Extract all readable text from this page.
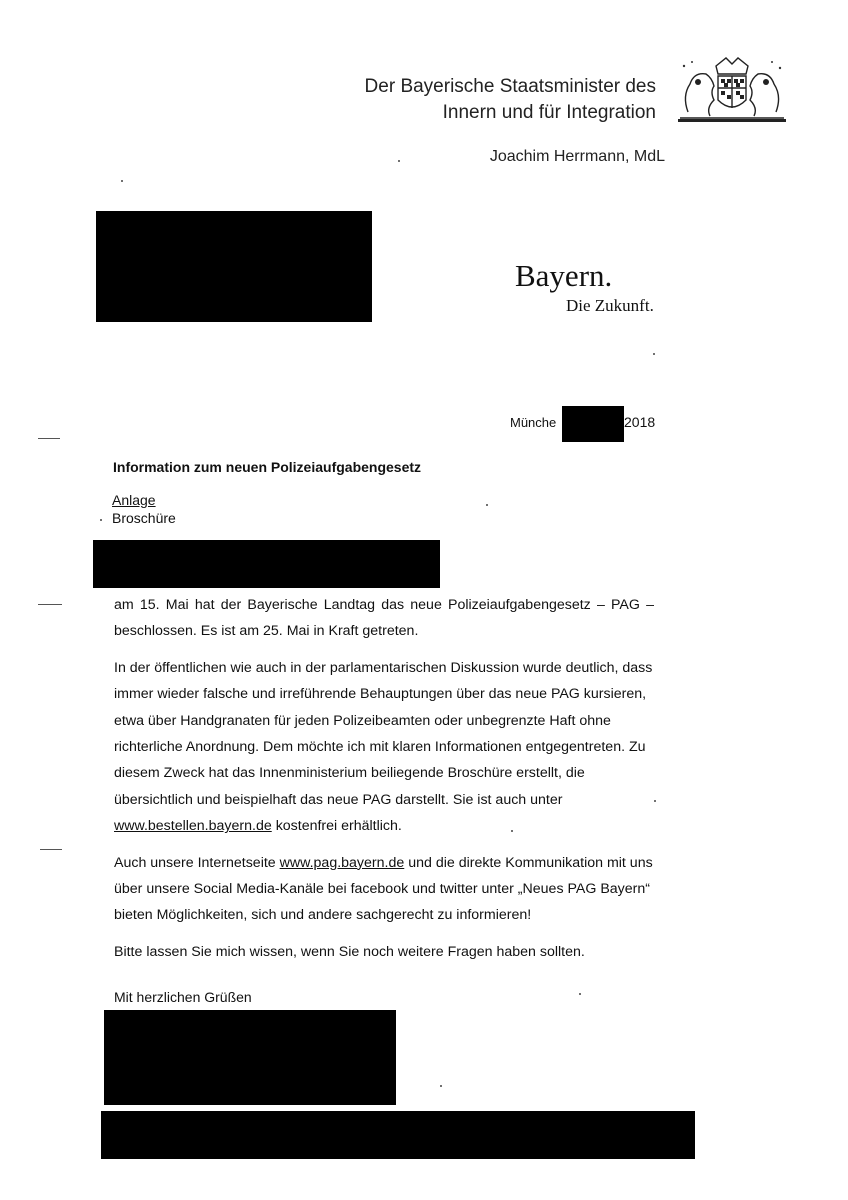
Der Bayerische Staatsminister des
Innern und für Integration
Joachim Herrmann, MdL
Bayern.
Die Zukunft.
Münche	2018
Information zum neuen Polizeiaufgabengesetz
Anlage
Broschüre

am 15. Mai hat der Bayerische Landtag das neue Polizeiaufgabengesetz – PAG – beschlossen. Es ist am 25. Mai in Kraft getreten.

In der öffentlichen wie auch in der parlamentarischen Diskussion wurde deutlich, dass immer wieder falsche und irreführende Behauptungen über das neue PAG kursieren, etwa über Handgranaten für jeden Polizeibeamten oder unbegrenzte Haft ohne richterliche Anordnung. Dem möchte ich mit klaren Informationen entgegentreten. Zu diesem Zweck hat das Innenministerium beiliegende Broschüre erstellt, die übersichtlich und beispielhaft das neue PAG darstellt. Sie ist auch unter www.bestellen.bayern.de kostenfrei erhältlich.

Auch unsere Internetseite www.pag.bayern.de und die direkte Kommunikation mit uns über unsere Social Media-Kanäle bei facebook und twitter unter „Neues PAG Bayern“ bieten Möglichkeiten, sich und andere sachgerecht zu informieren!

Bitte lassen Sie mich wissen, wenn Sie noch weitere Fragen haben sollten.

Mit herzlichen Grüßen
